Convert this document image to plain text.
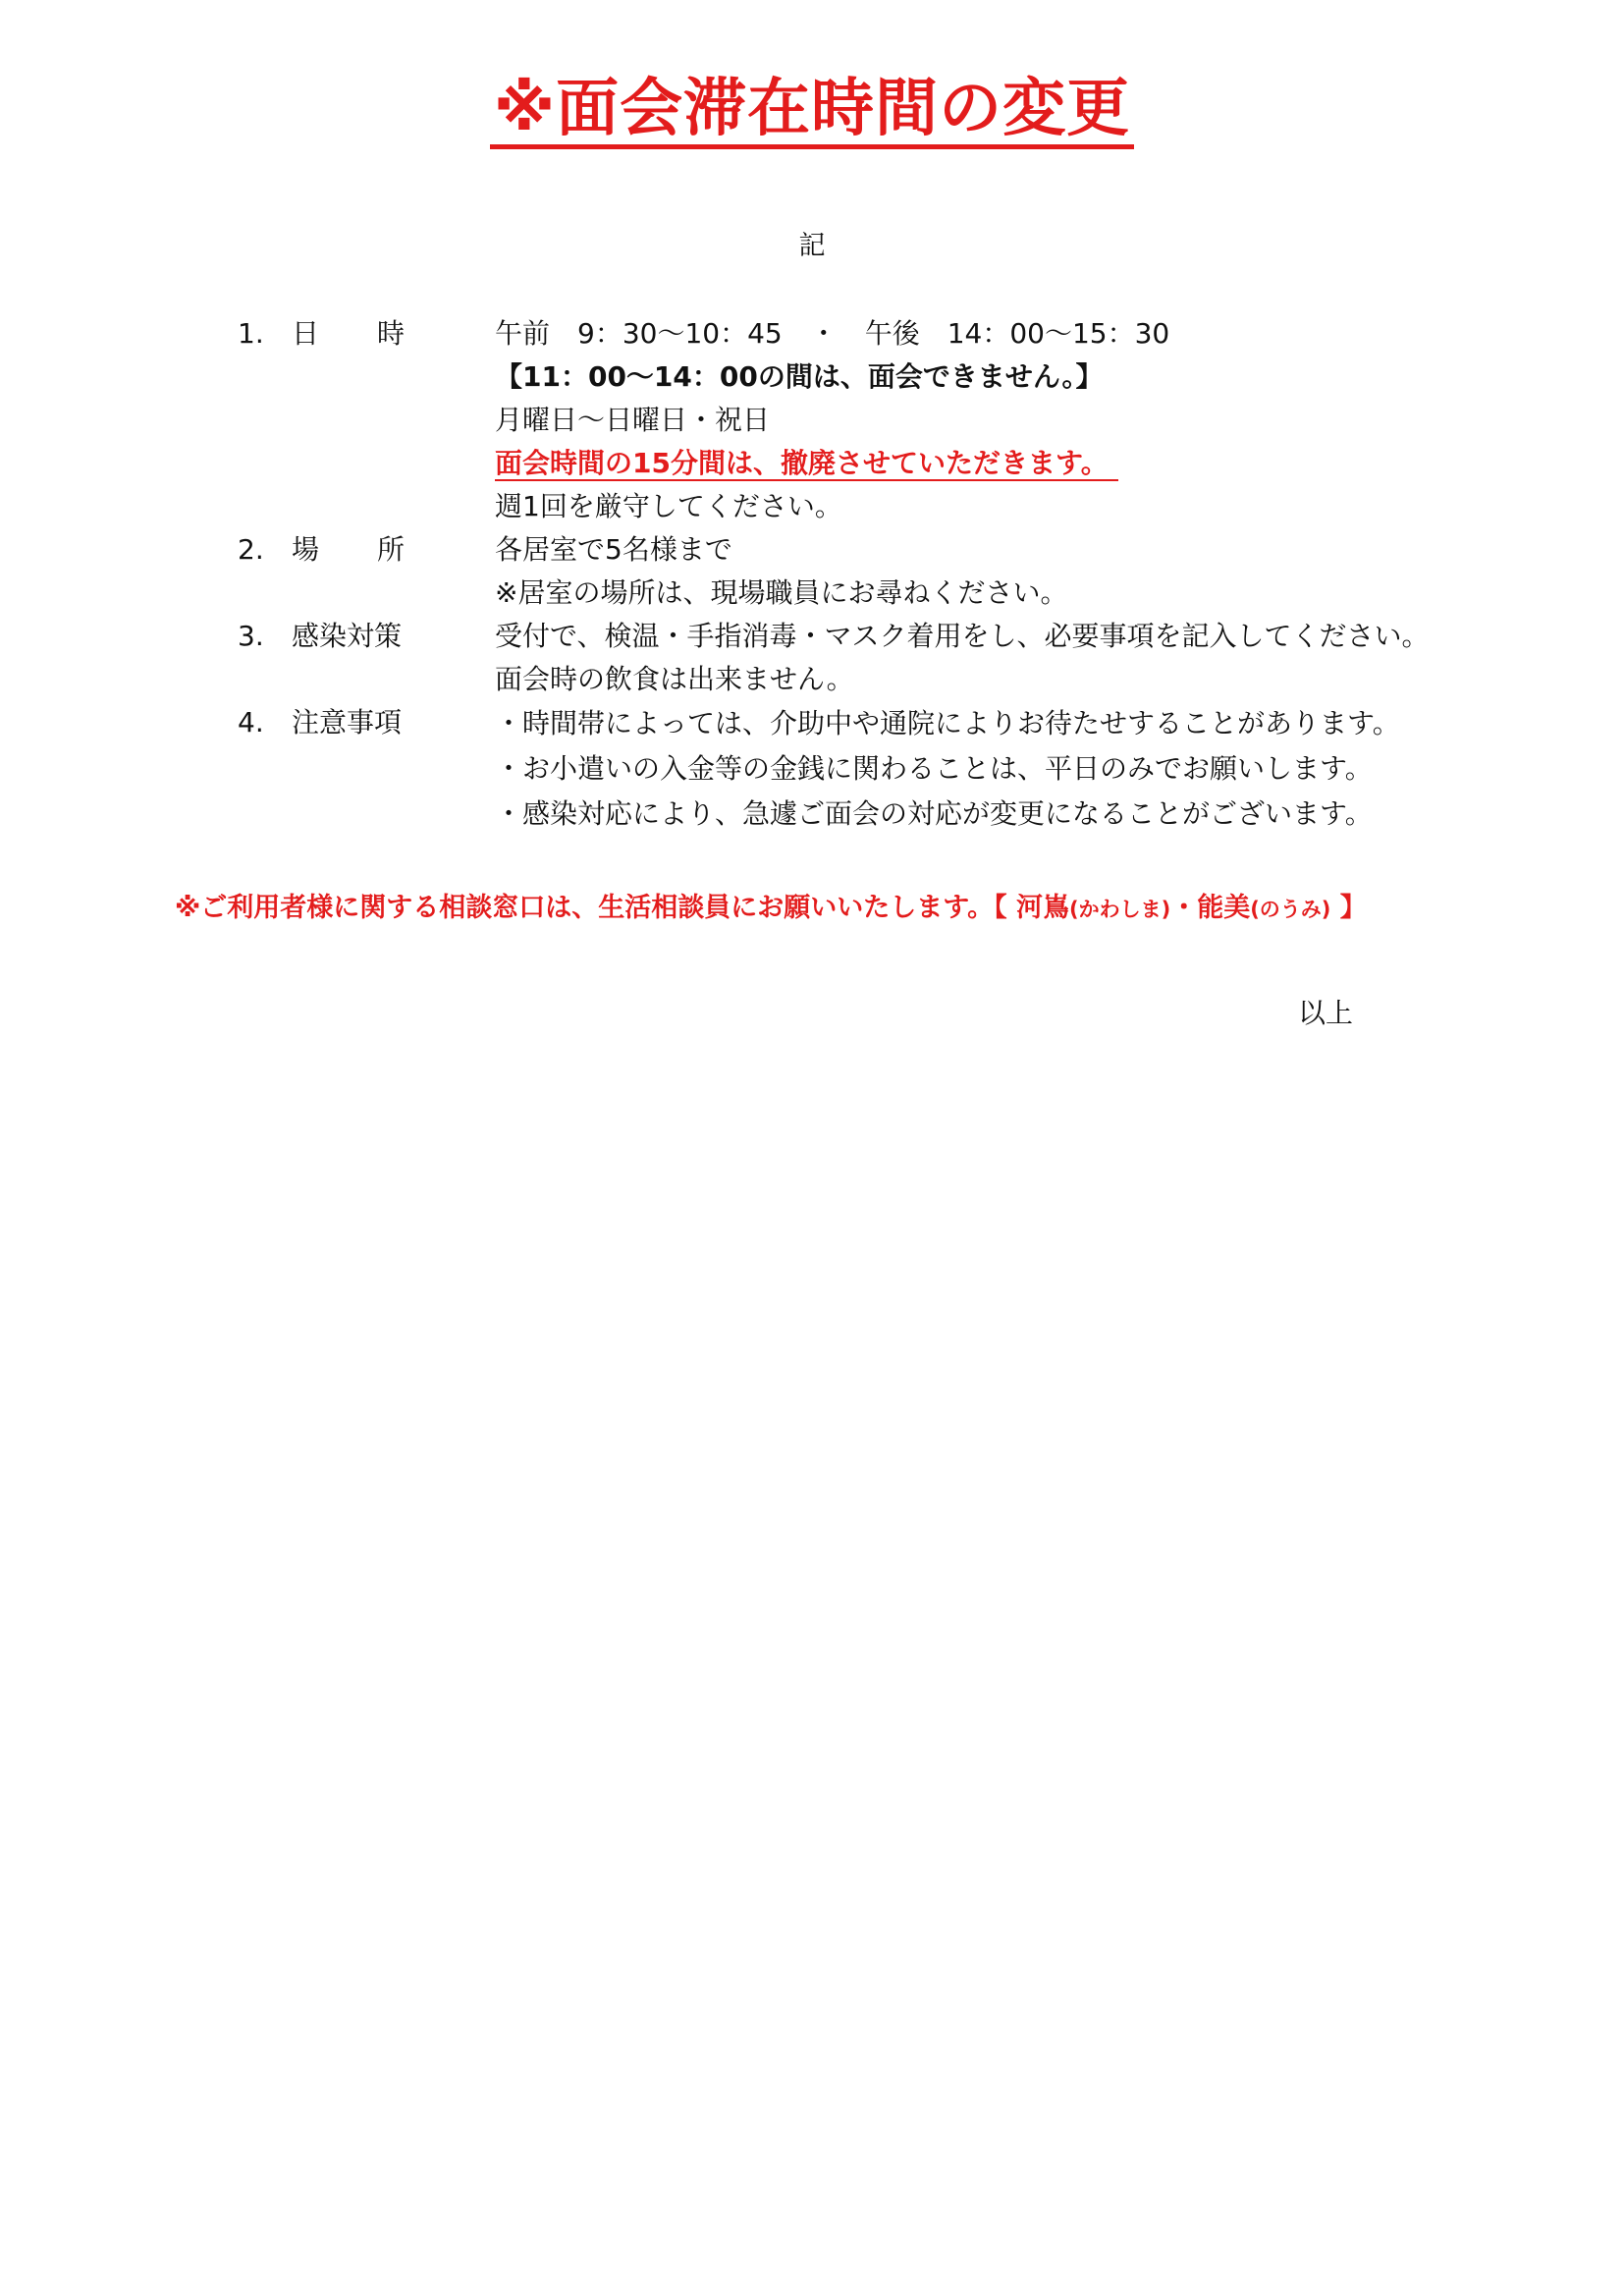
※面会滞在時間の変更
記
1.	日　時	午前　9：30～10：45　・　午後　14：00～15：30
【11：00～14：00の間は、面会できません。】
月曜日～日曜日・祝日
面会時間の15分間は、撤廃させていただきます。
週1回を厳守してください。
2.	場　所	各居室で5名様まで
※居室の場所は、現場職員にお尋ねください。
3.	感染対策	受付で、検温・手指消毒・マスク着用をし、必要事項を記入してください。
面会時の飲食は出来ません。
4.	注意事項	・時間帯によっては、介助中や通院によりお待たせすることがあります。
・お小遣いの入金等の金銭に関わることは、平日のみでお願いします。
・感染対応により、急遽ご面会の対応が変更になることがございます。
※ご利用者様に関する相談窓口は、生活相談員にお願いいたします。【 河嶌(かわしま)・能美(のうみ) 】
以上
